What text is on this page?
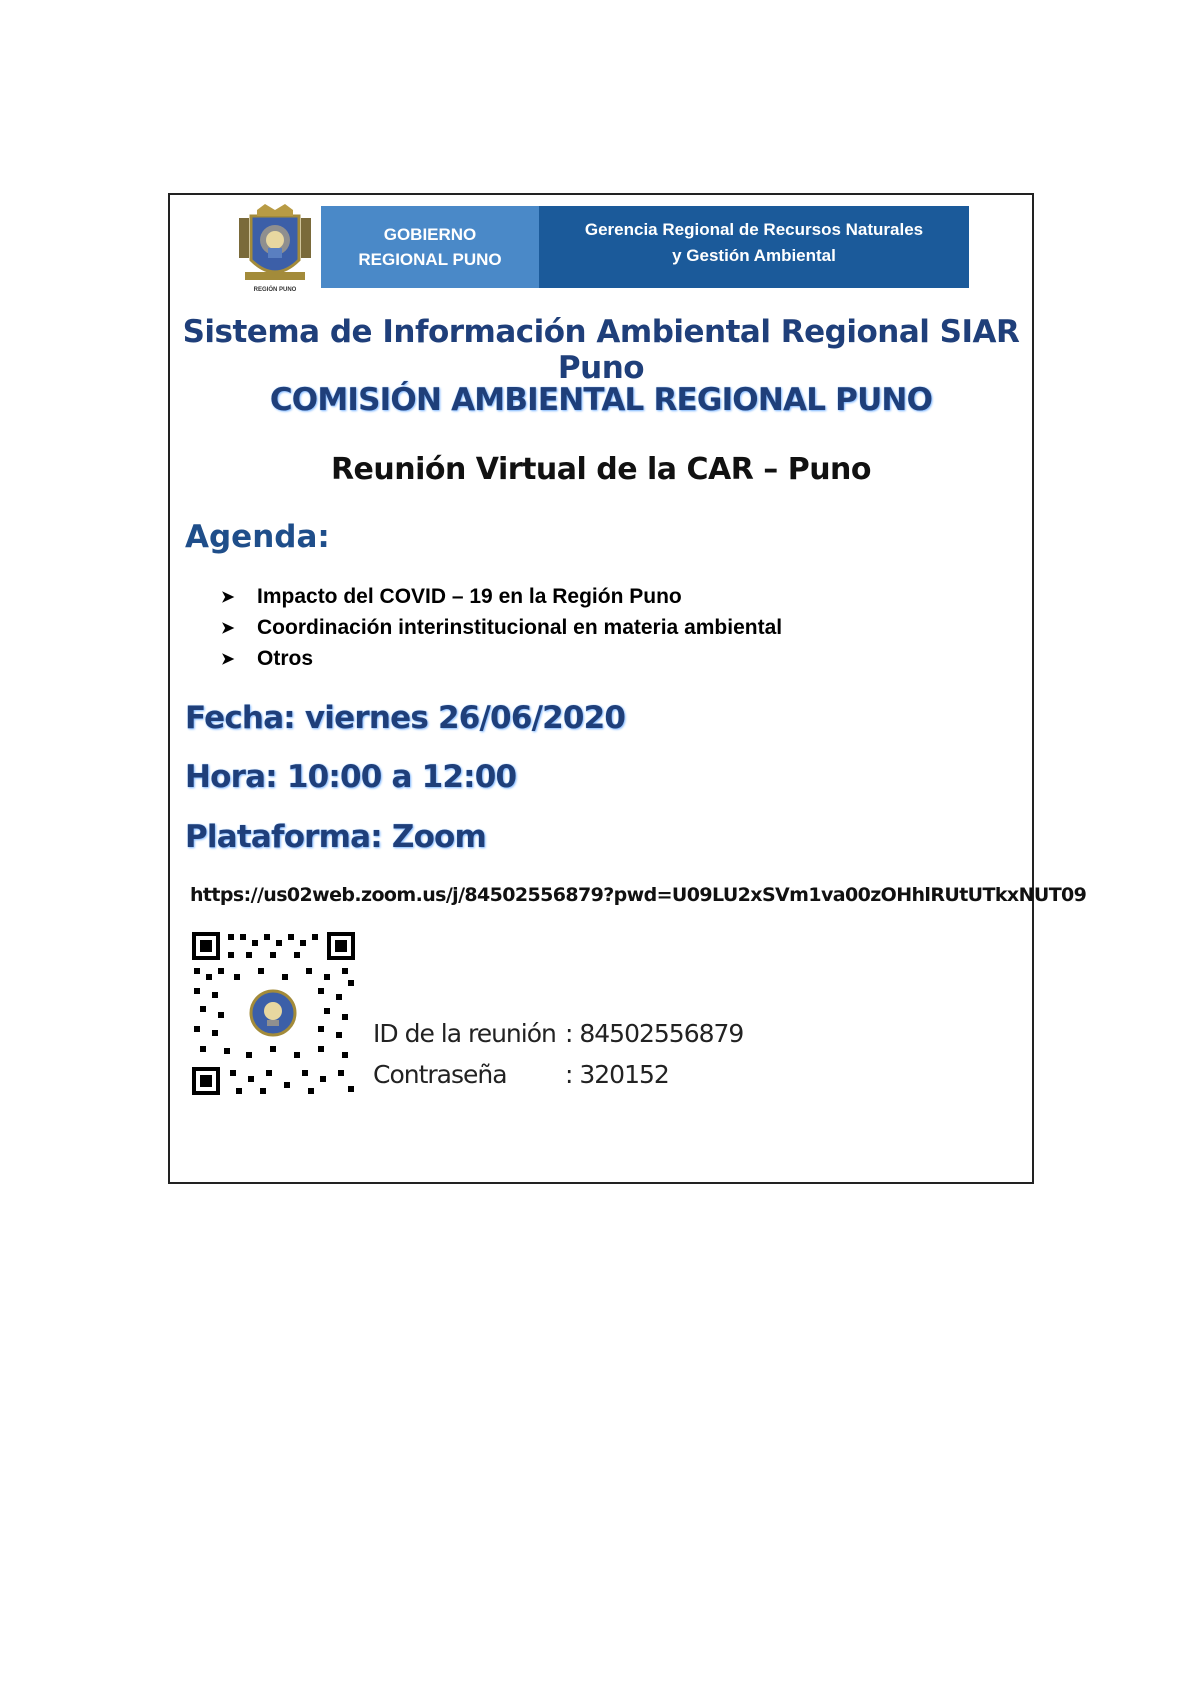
REGIÓN PUNO
GOBIERNO
REGIONAL PUNO
Gerencia Regional de Recursos Naturales
y Gestión Ambiental
Sistema de Información Ambiental Regional SIAR Puno
COMISIÓN AMBIENTAL REGIONAL PUNO
Reunión Virtual de la CAR – Puno
Agenda:
➤	Impacto del COVID – 19 en la Región Puno
➤	Coordinación interinstitucional en materia ambiental
➤	Otros
Fecha: viernes 26/06/2020
Hora: 10:00 a 12:00
Plataforma: Zoom
https://us02web.zoom.us/j/84502556879?pwd=U09LU2xSVm1va00zOHhlRUtUTkxNUT09
ID de la reunión : 84502556879
Contraseña	: 320152
